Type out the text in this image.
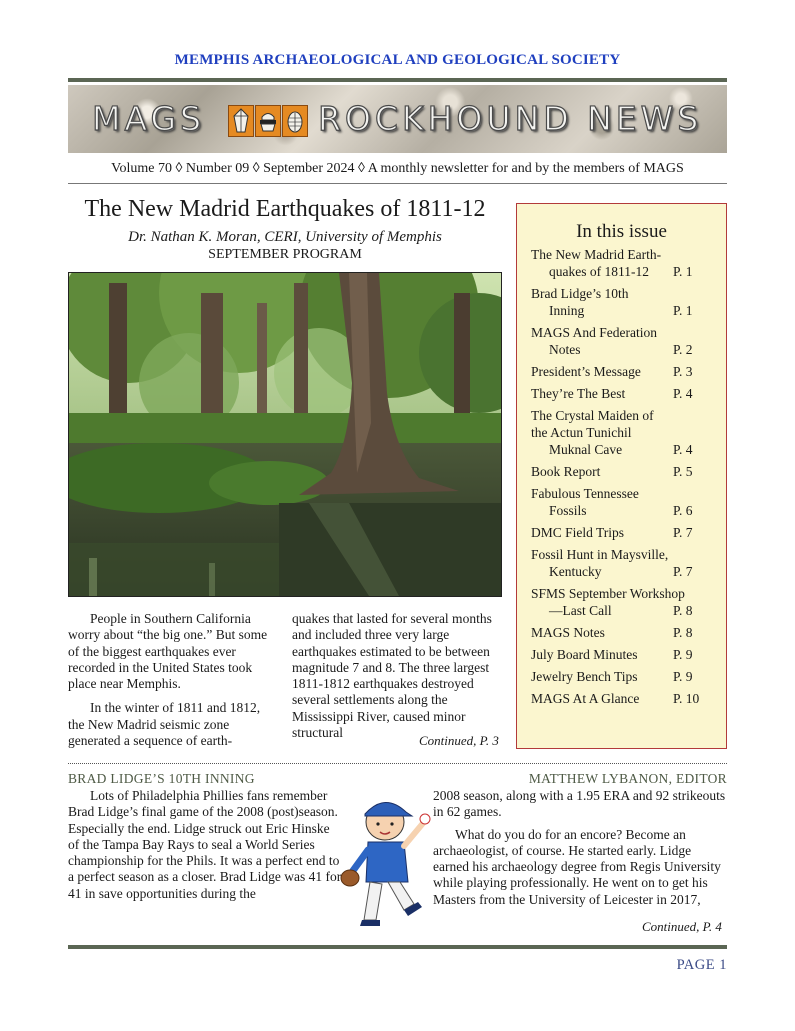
MEMPHIS ARCHAEOLOGICAL AND GEOLOGICAL SOCIETY
MAGS	ROCKHOUND NEWS
Volume 70 ◊ Number 09 ◊ September 2024 ◊ A monthly newsletter for and by the members of MAGS
The New Madrid Earthquakes of 1811-12
Dr. Nathan K. Moran, CERI, University of Memphis
SEPTEMBER PROGRAM

People in Southern California worry about “the big one.” But some of the biggest earthquakes ever recorded in the United States took place near Memphis.

In the winter of 1811 and 1812, the New Madrid seismic zone generated a sequence of earth-

quakes that lasted for several months and included three very large earthquakes estimated to be between magnitude 7 and 8. The three largest 1811-1812 earthquakes destroyed several settlements along the Mississippi River, caused minor structural

Continued, P. 3
In this issue
The New Madrid Earth-
quakes of 1811-12	P. 1
Brad Lidge’s 10th
Inning	P. 1
MAGS And Federation
Notes	P. 2
President’s Message	P. 3
They’re The Best	P. 4
The Crystal Maiden of the Actun Tunichil
Muknal Cave	P. 4
Book Report	P. 5
Fabulous Tennessee
Fossils	P. 6
DMC Field Trips	P. 7
Fossil Hunt in Maysville,
Kentucky	P. 7
SFMS September Workshop
—Last Call	P. 8
MAGS Notes	P. 8
July Board Minutes	P. 9
Jewelry Bench Tips	P. 9
MAGS At A Glance	P. 10
BRAD LIDGE’S 10TH INNING	MATTHEW LYBANON, EDITOR

Lots of Philadelphia Phillies fans remember Brad Lidge’s final game of the 2008 (post)season. Especially the end. Lidge struck out Eric Hinske of the Tampa Bay Rays to seal a World Series championship for the Phils. It was a perfect end to a perfect season as a closer. Brad Lidge was 41 for 41 in save opportunities during the

2008 season, along with a 1.95 ERA and 92 strikeouts in 62 games.

What do you do for an encore? Become an archaeologist, of course. He started early. Lidge earned his archaeology degree from Regis University while playing professionally. He went on to get his Masters from the University of Leicester in 2017,

Continued, P. 4
PAGE 1
